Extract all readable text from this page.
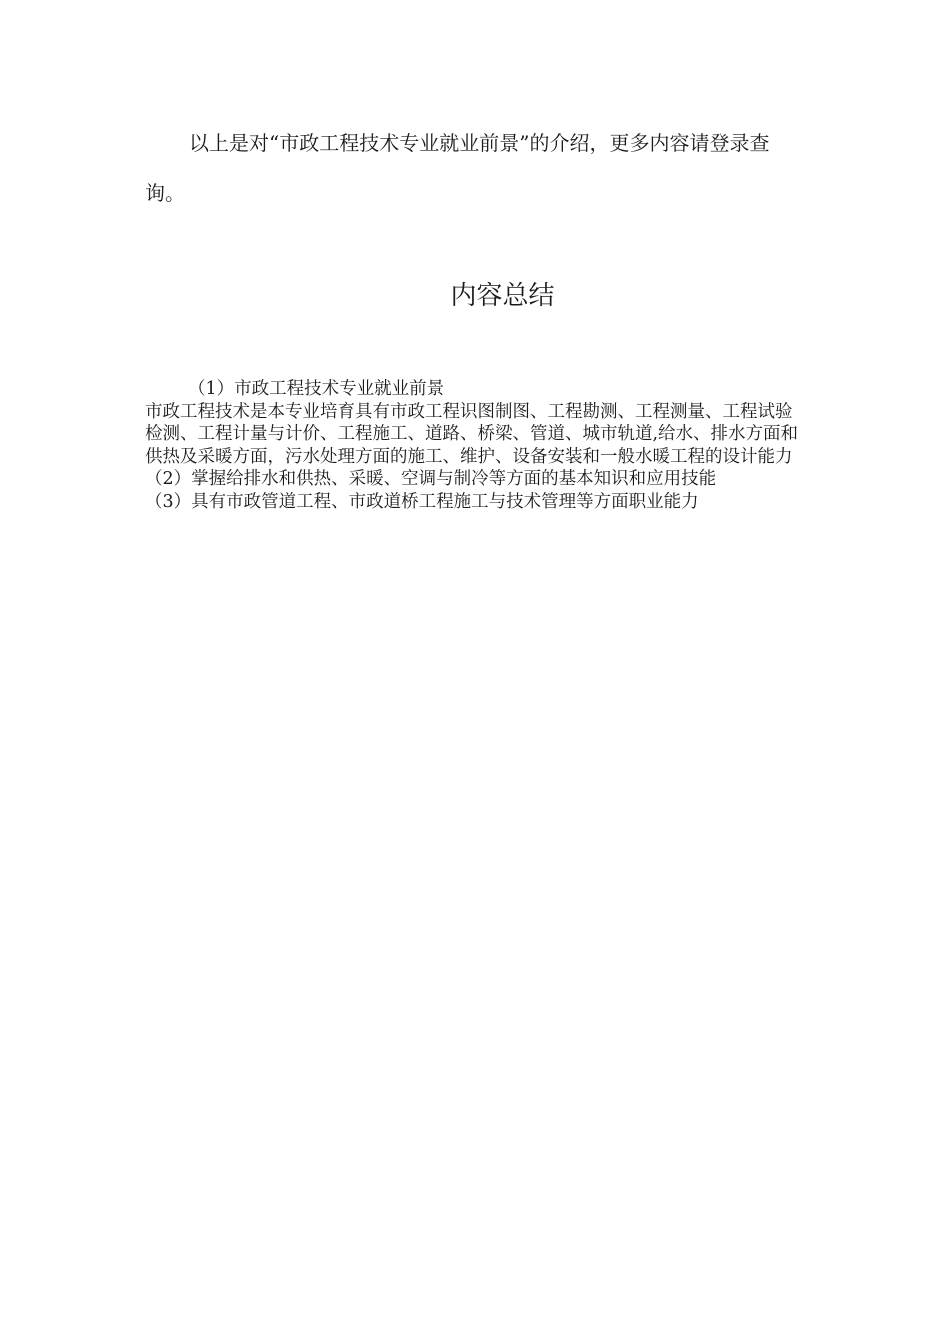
以上是对“市政工程技术专业就业前景”的介绍，更多内容请登录查询。

内容总结

（1）市政工程技术专业就业前景

市政工程技术是本专业培育具有市政工程识图制图、工程勘测、工程测量、工程试验检测、工程计量与计价、工程施工、道路、桥梁、管道、城市轨道,给水、排水方面和供热及采暖方面，污水处理方面的施工、维护、设备安装和一般水暖工程的设计能力

（2）掌握给排水和供热、采暖、空调与制冷等方面的基本知识和应用技能

（3）具有市政管道工程、市政道桥工程施工与技术管理等方面职业能力
